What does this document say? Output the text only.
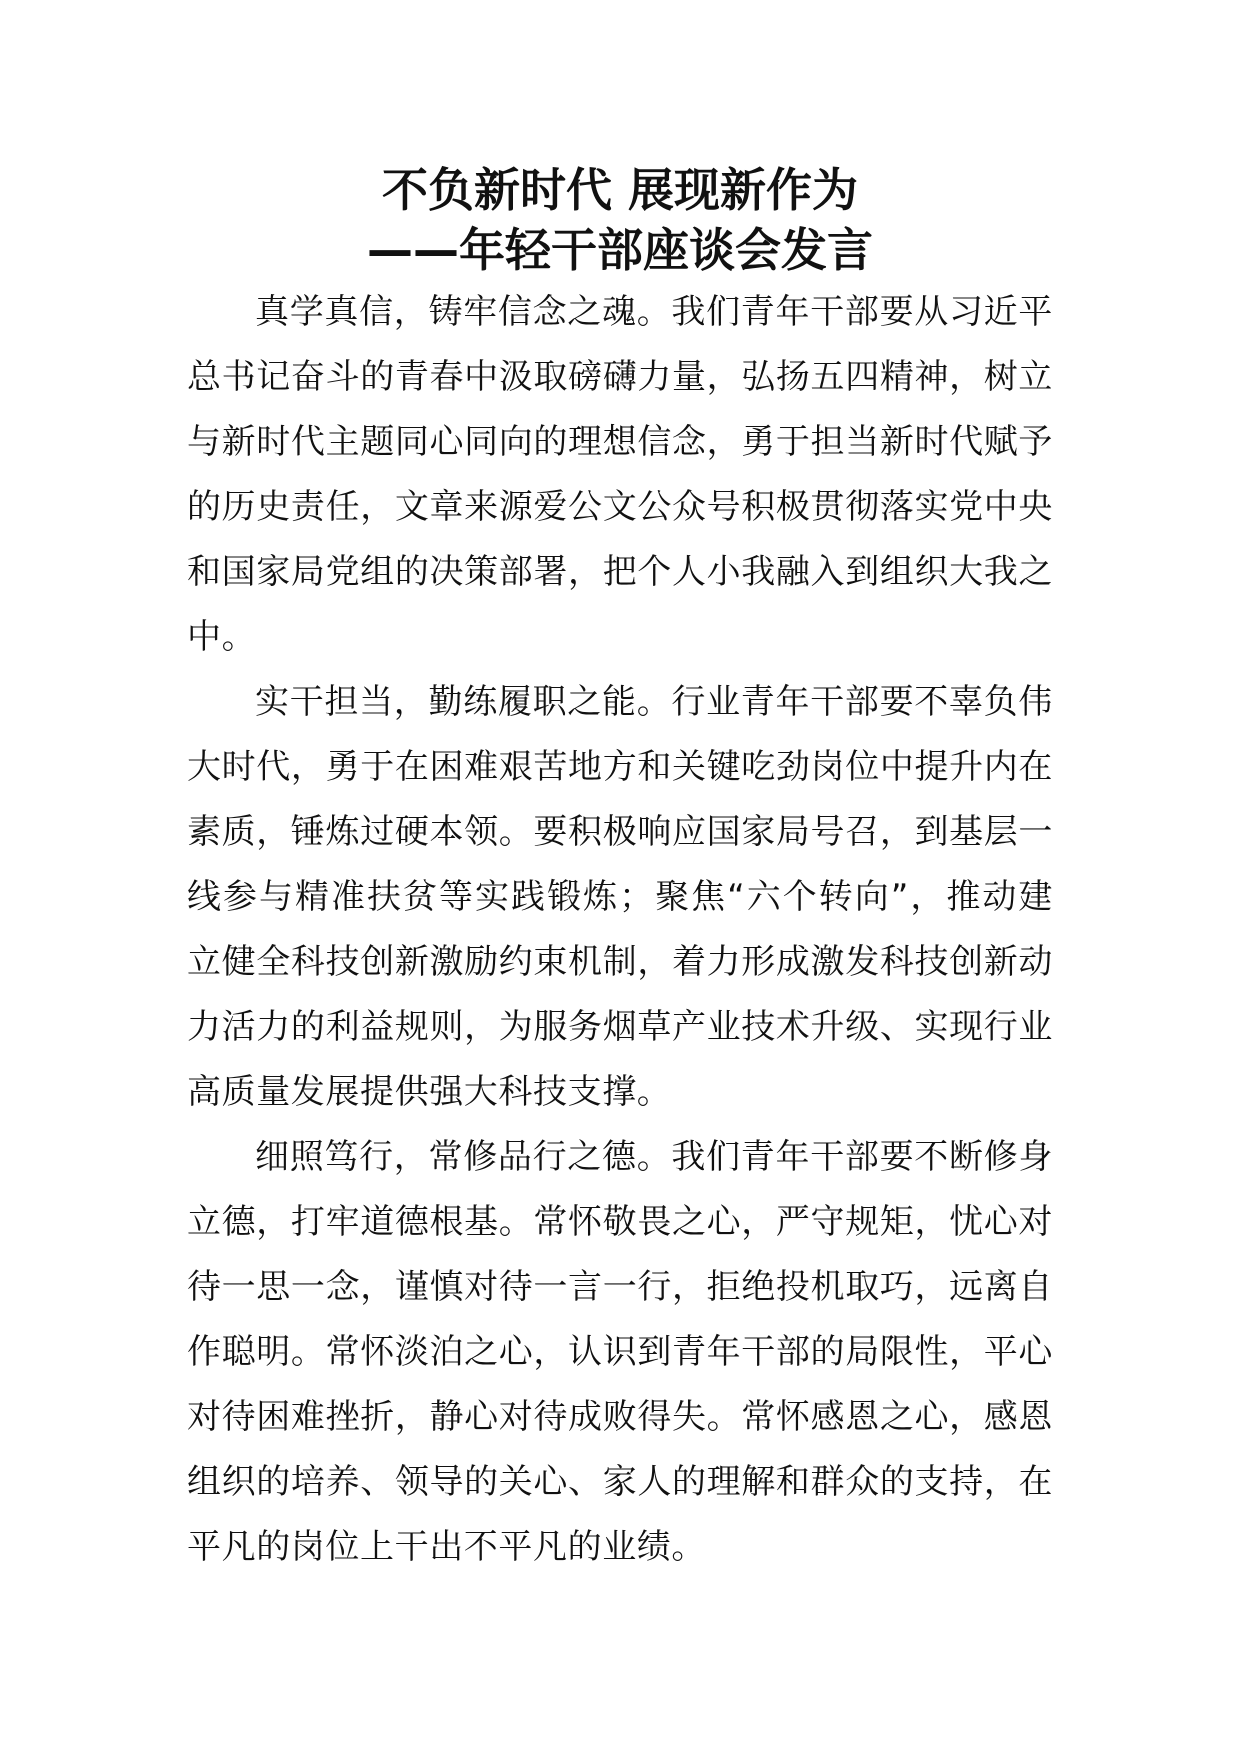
不负新时代 展现新作为
——年轻干部座谈会发言

真学真信，铸牢信念之魂。我们青年干部要从习近平总书记奋斗的青春中汲取磅礴力量，弘扬五四精神，树立与新时代主题同心同向的理想信念，勇于担当新时代赋予的历史责任，文章来源爱公文公众号积极贯彻落实党中央和国家局党组的决策部署，把个人小我融入到组织大我之中。

实干担当，勤练履职之能。行业青年干部要不辜负伟大时代，勇于在困难艰苦地方和关键吃劲岗位中提升内在素质，锤炼过硬本领。要积极响应国家局号召，到基层一线参与精准扶贫等实践锻炼；聚焦“六个转向”，推动建立健全科技创新激励约束机制，着力形成激发科技创新动力活力的利益规则，为服务烟草产业技术升级、实现行业高质量发展提供强大科技支撑。

细照笃行，常修品行之德。我们青年干部要不断修身立德，打牢道德根基。常怀敬畏之心，严守规矩，忧心对待一思一念，谨慎对待一言一行，拒绝投机取巧，远离自作聪明。常怀淡泊之心，认识到青年干部的局限性，平心对待困难挫折，静心对待成败得失。常怀感恩之心，感恩组织的培养、领导的关心、家人的理解和群众的支持，在平凡的岗位上干出不平凡的业绩。
